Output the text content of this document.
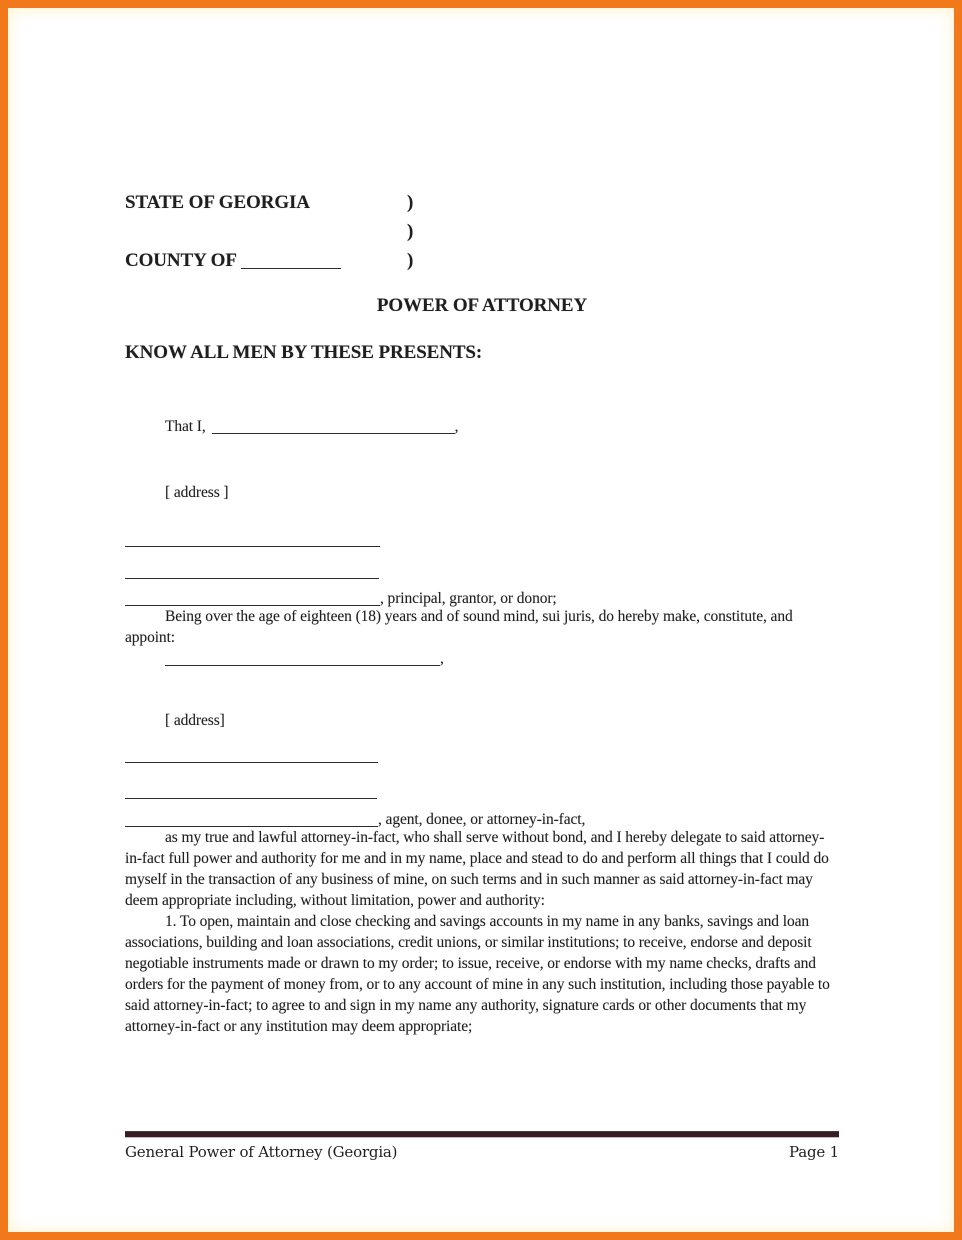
STATE OF GEORGIA	)
)
COUNTY OF	)
POWER OF ATTORNEY
KNOW ALL MEN BY THESE PRESENTS:
That I,	,
[ address ]
, principal, grantor, or donor;

Being over the age of eighteen (18) years and of sound mind, sui juris, do hereby make, constitute, and appoint:

,
[ address]
, agent, donee, or attorney-in-fact,

as my true and lawful attorney-in-fact, who shall serve without bond, and I hereby delegate to said attorney-in-fact full power and authority for me and in my name, place and stead to do and perform all things that I could do myself in the transaction of any business of mine, on such terms and in such manner as said attorney-in-fact may deem appropriate including, without limitation, power and authority:

1. To open, maintain and close checking and savings accounts in my name in any banks, savings and loan associations, building and loan associations, credit unions, or similar institutions; to receive, endorse and deposit negotiable instruments made or drawn to my order; to issue, receive, or endorse with my name checks, drafts and orders for the payment of money from, or to any account of mine in any such institution, including those payable to said attorney-in-fact; to agree to and sign in my name any authority, signature cards or other documents that my attorney-in-fact or any institution may deem appropriate;

General Power of Attorney (Georgia)	Page 1
